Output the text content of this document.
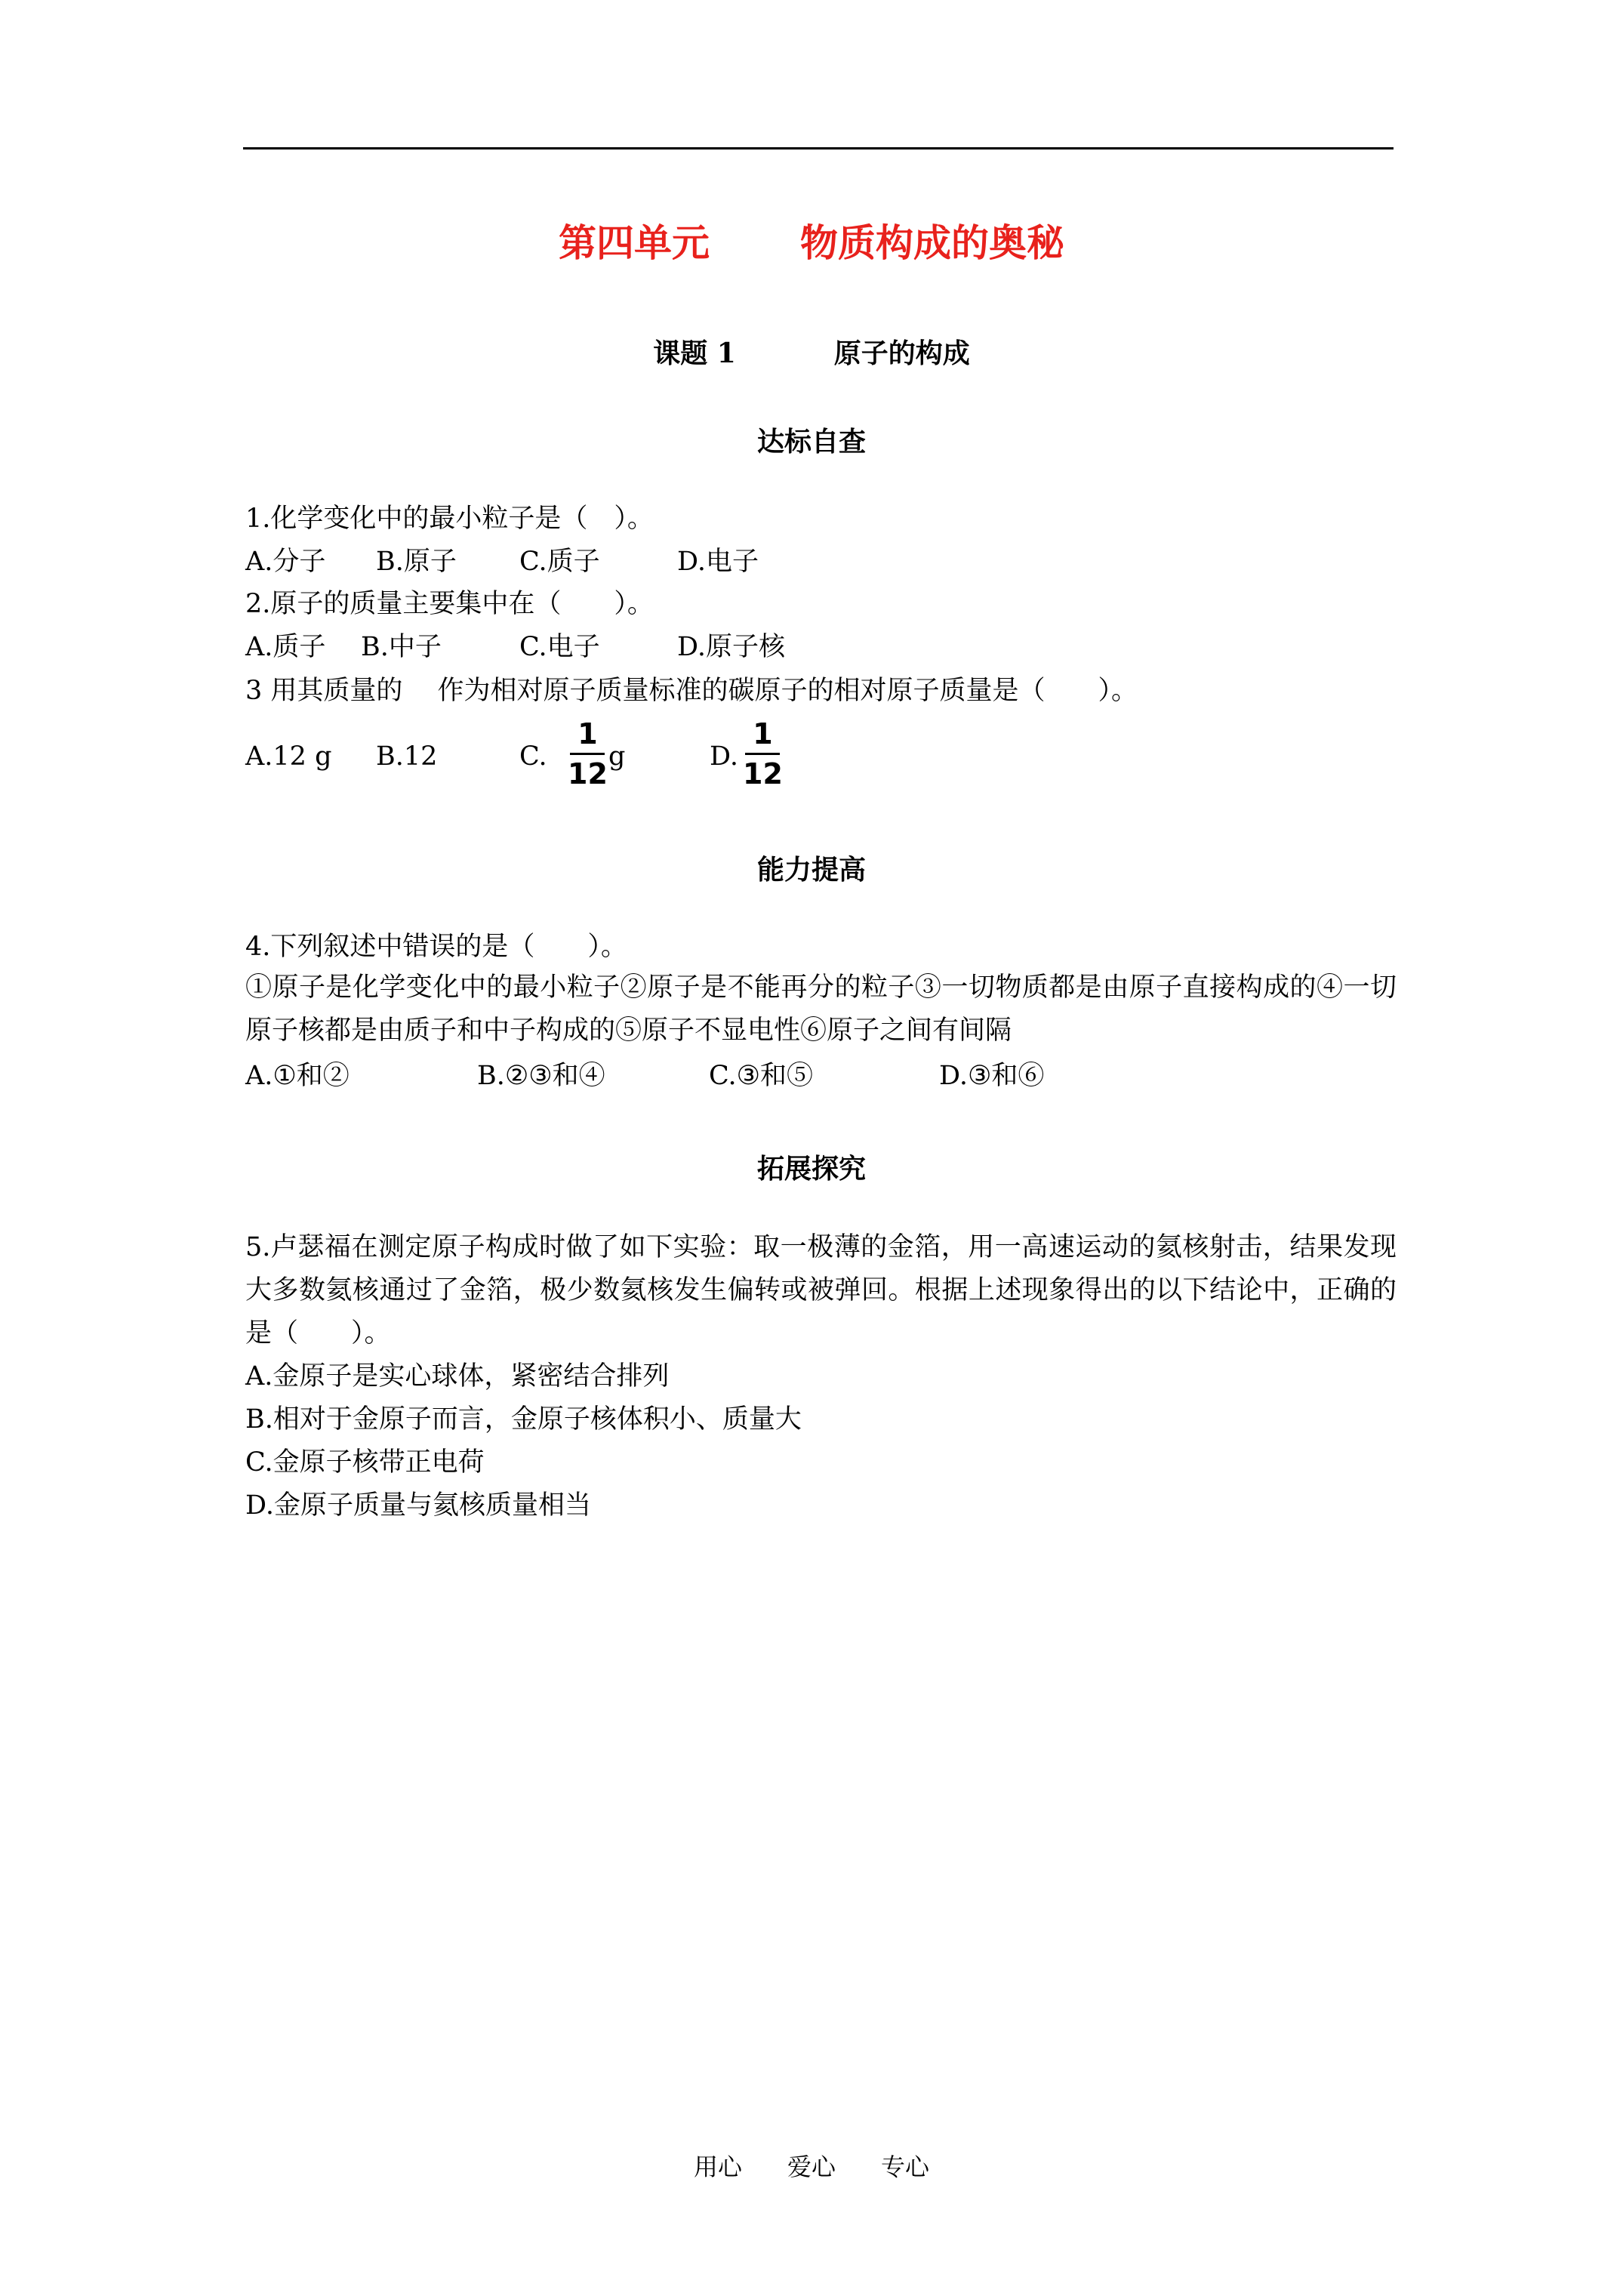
第四单元 物质构成的奥秘
课题 1	原子的构成
达标自查
1.化学变化中的最小粒子是（　）。
A.分子 B.原子 C.质子	D.电子
2.原子的质量主要集中在（　　）。
A.质子 B.中子	C.电子	D.原子核
3 用其质量的　 作为相对原子质量标准的碳原子的相对原子质量是（　　）。
A.12 g B.12	C.
1
12
g	D.
1
12
能力提高
4.下列叙述中错误的是（　　）。
①原子是化学变化中的最小粒子②原子是不能再分的粒子③一切物质都是由原子直接构成的④一切原子核都是由质子和中子构成的⑤原子不显电性⑥原子之间有间隔
A.①和②	B.②③和④	C.③和⑤	D.③和⑥
拓展探究
5.卢瑟福在测定原子构成时做了如下实验：取一极薄的金箔，用一高速运动的氦核射击，结果发现大多数氦核通过了金箔，极少数氦核发生偏转或被弹回。根据上述现象得出的以下结论中，正确的是（　　）。
A.金原子是实心球体，紧密结合排列
B.相对于金原子而言，金原子核体积小、质量大
C.金原子核带正电荷
D.金原子质量与氦核质量相当
用心 爱心 专心
